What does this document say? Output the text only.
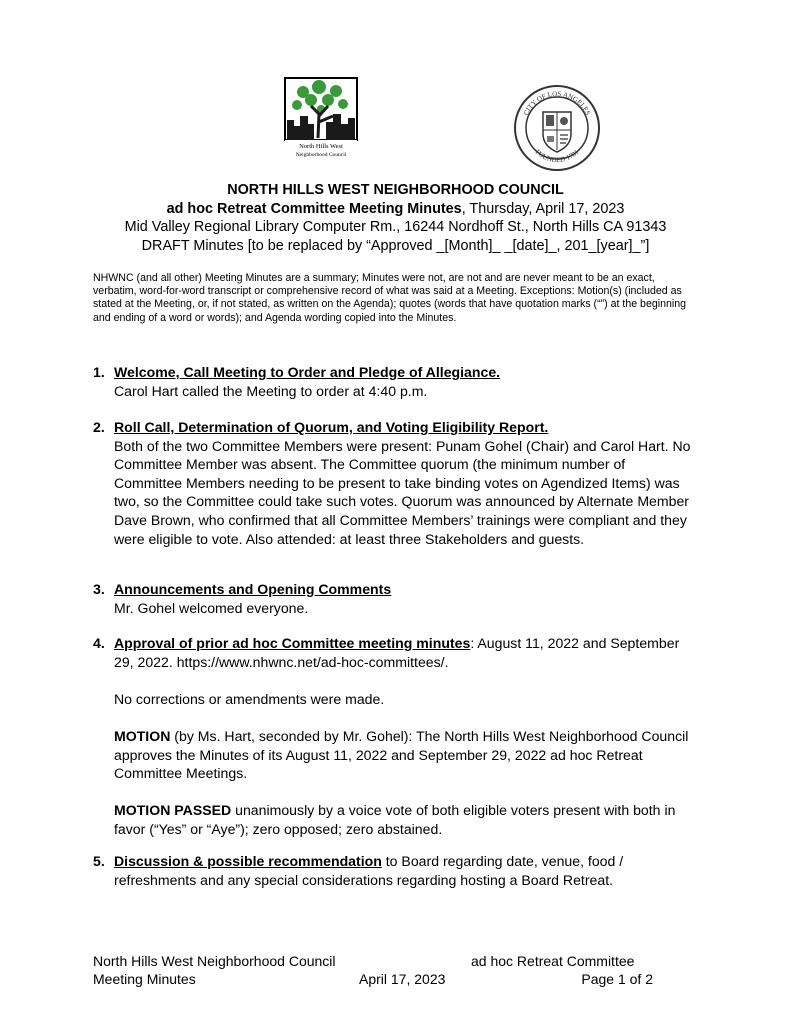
North Hills West
Neighborhood Council
CITY OF LOS ANGELES
FOUNDED 1781
NORTH HILLS WEST NEIGHBORHOOD COUNCIL
ad hoc Retreat Committee Meeting Minutes, Thursday, April 17, 2023
Mid Valley Regional Library Computer Rm., 16244 Nordhoff St., North Hills CA 91343
DRAFT Minutes [to be replaced by “Approved _[Month]_ _[date]_, 201_[year]_”]
NHWNC (and all other) Meeting Minutes are a summary; Minutes were not, are not and are never meant to be an exact, verbatim, word-for-word transcript or comprehensive record of what was said at a Meeting. Exceptions: Motion(s) (included as stated at the Meeting, or, if not stated, as written on the Agenda); quotes (words that have quotation marks (“”) at the beginning and ending of a word or words); and Agenda wording copied into the Minutes.
1. Welcome, Call Meeting to Order and Pledge of Allegiance.
Carol Hart called the Meeting to order at 4:40 p.m.
2. Roll Call, Determination of Quorum, and Voting Eligibility Report.
Both of the two Committee Members were present: Punam Gohel (Chair) and Carol Hart. No Committee Member was absent. The Committee quorum (the minimum number of Committee Members needing to be present to take binding votes on Agendized Items) was two, so the Committee could take such votes. Quorum was announced by Alternate Member Dave Brown, who confirmed that all Committee Members’ trainings were compliant and they were eligible to vote. Also attended: at least three Stakeholders and guests.
3. Announcements and Opening Comments
Mr. Gohel welcomed everyone.
4. Approval of prior ad hoc Committee meeting minutes: August 11, 2022 and September 29, 2022. https://www.nhwnc.net/ad-hoc-committees/.
No corrections or amendments were made.
MOTION (by Ms. Hart, seconded by Mr. Gohel): The North Hills West Neighborhood Council approves the Minutes of its August 11, 2022 and September 29, 2022 ad hoc Retreat Committee Meetings.
MOTION PASSED unanimously by a voice vote of both eligible voters present with both in favor (“Yes” or “Aye”); zero opposed; zero abstained.
5. Discussion & possible recommendation to Board regarding date, venue, food / refreshments and any special considerations regarding hosting a Board Retreat.
North Hills West Neighborhood Council	ad hoc Retreat Committee
Meeting Minutes	April 17, 2023	Page 1 of 2
